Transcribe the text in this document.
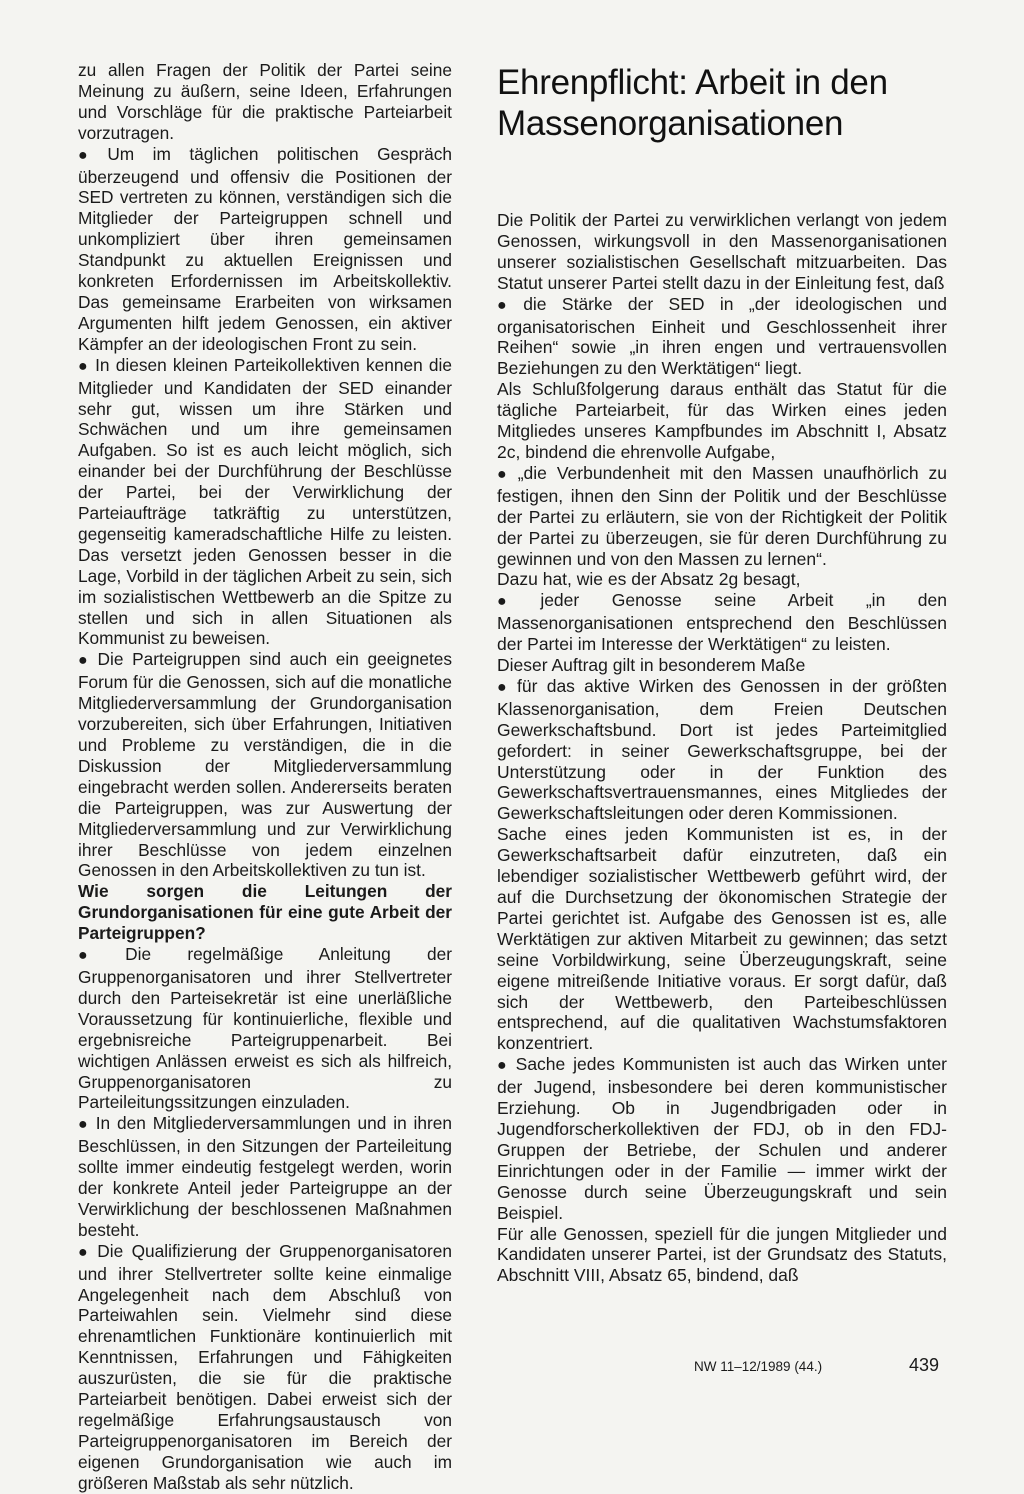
zu allen Fragen der Politik der Partei seine Meinung zu äußern, seine Ideen, Erfahrungen und Vorschläge für die praktische Parteiarbeit vorzutragen.

● Um im täglichen politischen Gespräch überzeugend und offensiv die Positionen der SED vertreten zu können, verständigen sich die Mitglieder der Parteigruppen schnell und unkompliziert über ihren gemeinsamen Standpunkt zu aktuellen Ereignissen und konkreten Erfordernissen im Arbeitskollektiv. Das gemeinsame Erarbeiten von wirksamen Argumenten hilft jedem Genossen, ein aktiver Kämpfer an der ideologischen Front zu sein.

● In diesen kleinen Parteikollektiven kennen die Mitglieder und Kandidaten der SED einander sehr gut, wissen um ihre Stärken und Schwächen und um ihre gemeinsamen Aufgaben. So ist es auch leicht möglich, sich einander bei der Durchführung der Beschlüsse der Partei, bei der Verwirklichung der Parteiaufträge tatkräftig zu unterstützen, gegenseitig kameradschaftliche Hilfe zu leisten. Das versetzt jeden Genossen besser in die Lage, Vorbild in der täglichen Arbeit zu sein, sich im sozialistischen Wettbewerb an die Spitze zu stellen und sich in allen Situationen als Kommunist zu beweisen.

● Die Parteigruppen sind auch ein geeignetes Forum für die Genossen, sich auf die monatliche Mitgliederversammlung der Grundorganisation vorzubereiten, sich über Erfahrungen, Initiativen und Probleme zu verständigen, die in die Diskussion der Mitgliederversammlung eingebracht werden sollen. Andererseits beraten die Parteigruppen, was zur Auswertung der Mitgliederversammlung und zur Verwirklichung ihrer Beschlüsse von jedem einzelnen Genossen in den Arbeitskollektiven zu tun ist.

Wie sorgen die Leitungen der Grundorganisationen für eine gute Arbeit der Parteigruppen?

● Die regelmäßige Anleitung der Gruppenorganisatoren und ihrer Stellvertreter durch den Parteisekretär ist eine unerläßliche Voraussetzung für kontinuierliche, flexible und ergebnisreiche Parteigruppenarbeit. Bei wichtigen Anlässen erweist es sich als hilfreich, Gruppenorganisatoren zu Parteileitungssitzungen einzuladen.

● In den Mitgliederversammlungen und in ihren Beschlüssen, in den Sitzungen der Parteileitung sollte immer eindeutig festgelegt werden, worin der konkrete Anteil jeder Parteigruppe an der Verwirklichung der beschlossenen Maßnahmen besteht.

● Die Qualifizierung der Gruppenorganisatoren und ihrer Stellvertreter sollte keine einmalige Angelegenheit nach dem Abschluß von Parteiwahlen sein. Vielmehr sind diese ehrenamtlichen Funktionäre kontinuierlich mit Kenntnissen, Erfahrungen und Fähigkeiten auszurüsten, die sie für die praktische Parteiarbeit benötigen. Dabei erweist sich der regelmäßige Erfahrungsaustausch von Parteigruppenorganisatoren im Bereich der eigenen Grundorganisation wie auch im größeren Maßstab als sehr nützlich.

Ehrenpflicht: Arbeit in den
Massenorganisationen

Die Politik der Partei zu verwirklichen verlangt von jedem Genossen, wirkungsvoll in den Massenorganisationen unserer sozialistischen Gesellschaft mitzuarbeiten. Das Statut unserer Partei stellt dazu in der Einleitung fest, daß

● die Stärke der SED in „der ideologischen und organisatorischen Einheit und Geschlossenheit ihrer Reihen“ sowie „in ihren engen und vertrauensvollen Beziehungen zu den Werktätigen“ liegt.

Als Schlußfolgerung daraus enthält das Statut für die tägliche Parteiarbeit, für das Wirken eines jeden Mitgliedes unseres Kampfbundes im Abschnitt I, Absatz 2c, bindend die ehrenvolle Aufgabe,

● „die Verbundenheit mit den Massen unaufhörlich zu festigen, ihnen den Sinn der Politik und der Beschlüsse der Partei zu erläutern, sie von der Richtigkeit der Politik der Partei zu überzeugen, sie für deren Durchführung zu gewinnen und von den Massen zu lernen“.

Dazu hat, wie es der Absatz 2g besagt,

● jeder Genosse seine Arbeit „in den Massenorganisationen entsprechend den Beschlüssen der Partei im Interesse der Werktätigen“ zu leisten.

Dieser Auftrag gilt in besonderem Maße

● für das aktive Wirken des Genossen in der größten Klassenorganisation, dem Freien Deutschen Gewerkschaftsbund. Dort ist jedes Parteimitglied gefordert: in seiner Gewerkschaftsgruppe, bei der Unterstützung oder in der Funktion des Gewerkschaftsvertrauensmannes, eines Mitgliedes der Gewerkschaftsleitungen oder deren Kommissionen.

Sache eines jeden Kommunisten ist es, in der Gewerkschaftsarbeit dafür einzutreten, daß ein lebendiger sozialistischer Wettbewerb geführt wird, der auf die Durchsetzung der ökonomischen Strategie der Partei gerichtet ist. Aufgabe des Genossen ist es, alle Werktätigen zur aktiven Mitarbeit zu gewinnen; das setzt seine Vorbildwirkung, seine Überzeugungskraft, seine eigene mitreißende Initiative voraus. Er sorgt dafür, daß sich der Wettbewerb, den Parteibeschlüssen entsprechend, auf die qualitativen Wachstumsfaktoren konzentriert.

● Sache jedes Kommunisten ist auch das Wirken unter der Jugend, insbesondere bei deren kommunistischer Erziehung. Ob in Jugendbrigaden oder in Jugendforscherkollektiven der FDJ, ob in den FDJ-Gruppen der Betriebe, der Schulen und anderer Einrichtungen oder in der Familie — immer wirkt der Genosse durch seine Überzeugungskraft und sein Beispiel.

Für alle Genossen, speziell für die jungen Mitglieder und Kandidaten unserer Partei, ist der Grundsatz des Statuts, Abschnitt VIII, Absatz 65, bindend, daß

NW 11–12/1989 (44.)	439
